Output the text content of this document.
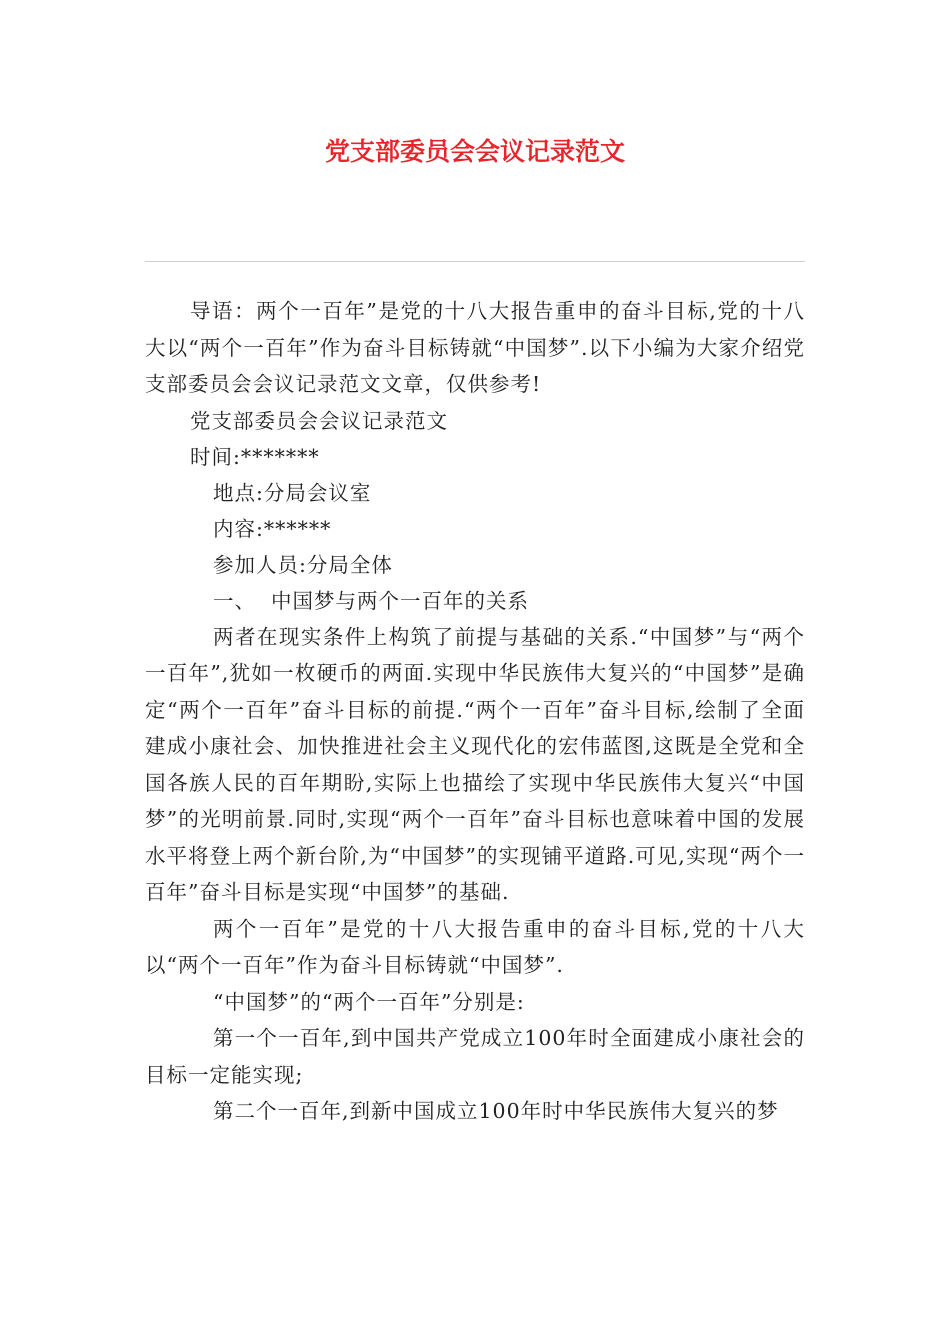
党支部委员会会议记录范文

导语：两个一百年”是党的十八大报告重申的奋斗目标,党的十八大以“两个一百年”作为奋斗目标铸就“中国梦”.以下小编为大家介绍党支部委员会会议记录范文文章，仅供参考!

党支部委员会会议记录范文

时间:*******

地点:分局会议室

内容:******

参加人员:分局全体

一、  中国梦与两个一百年的关系

两者在现实条件上构筑了前提与基础的关系.“中国梦”与“两个一百年”,犹如一枚硬币的两面.实现中华民族伟大复兴的“中国梦”是确定“两个一百年”奋斗目标的前提.“两个一百年”奋斗目标,绘制了全面建成小康社会、加快推进社会主义现代化的宏伟蓝图,这既是全党和全国各族人民的百年期盼,实际上也描绘了实现中华民族伟大复兴“中国梦”的光明前景.同时,实现“两个一百年”奋斗目标也意味着中国的发展水平将登上两个新台阶,为“中国梦”的实现铺平道路.可见,实现“两个一百年”奋斗目标是实现“中国梦”的基础.

两个一百年”是党的十八大报告重申的奋斗目标,党的十八大以“两个一百年”作为奋斗目标铸就“中国梦”.

“中国梦”的“两个一百年”分别是:

第一个一百年,到中国共产党成立100年时全面建成小康社会的目标一定能实现;

第二个一百年,到新中国成立100年时中华民族伟大复兴的梦
